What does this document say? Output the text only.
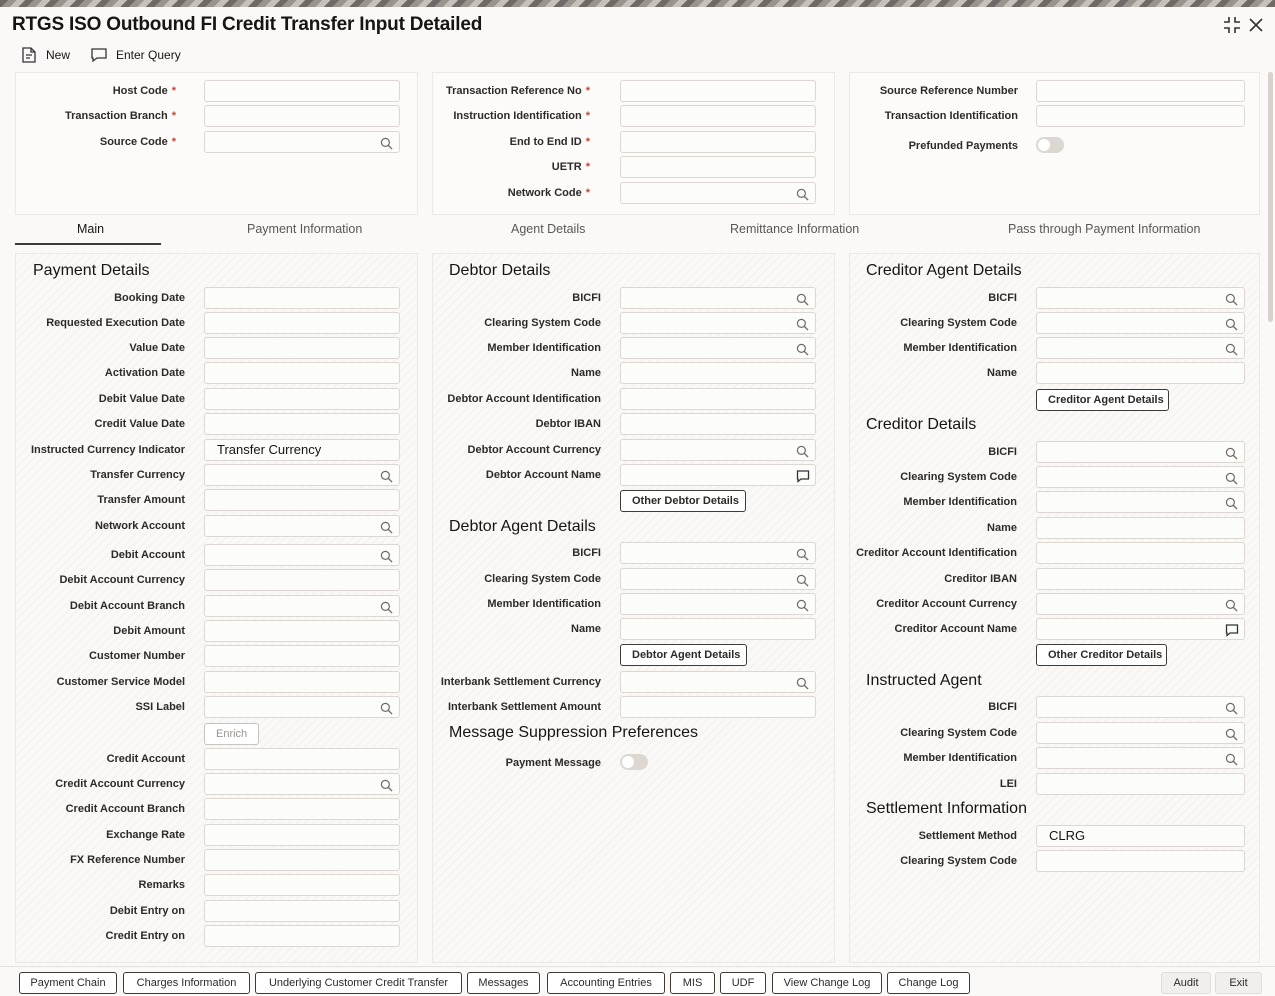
RTGS ISO Outbound FI Credit Transfer Input Detailed
New	Enter Query
Host Code *
Transaction Branch *
Source Code *
Transaction Reference No *
Instruction Identification *
End to End ID *
UETR *
Network Code *
Source Reference Number
Transaction Identification
Prefunded Payments
Main	Payment Information	Agent Details	Remittance Information	Pass through Payment Information
Payment Details
Booking Date
Requested Execution Date
Value Date
Activation Date
Debit Value Date
Credit Value Date
Instructed Currency Indicator	Transfer Currency
Transfer Currency
Transfer Amount
Network Account
Debit Account
Debit Account Currency
Debit Account Branch
Debit Amount
Customer Number
Customer Service Model
SSI Label
Credit Account
Credit Account Currency
Credit Account Branch
Exchange Rate
FX Reference Number
Remarks
Debit Entry on
Credit Entry on
Enrich
Debtor Details
BICFI
Clearing System Code
Member Identification
Name
Debtor Account Identification
Debtor IBAN
Debtor Account Currency
Debtor Account Name
Other Debtor Details
Debtor Agent Details
BICFI
Clearing System Code
Member Identification
Name
Debtor Agent Details
Interbank Settlement Currency
Interbank Settlement Amount
Message Suppression Preferences
Payment Message
Creditor Agent Details
BICFI
Clearing System Code
Member Identification
Name
Creditor Agent Details
Creditor Details
BICFI
Clearing System Code
Member Identification
Name
Creditor Account Identification
Creditor IBAN
Creditor Account Currency
Creditor Account Name
Other Creditor Details
Instructed Agent
BICFI
Clearing System Code
Member Identification
LEI
Settlement Information
Settlement Method	CLRG
Clearing System Code
Payment Chain	Charges Information	Underlying Customer Credit Transfer	Messages	Accounting Entries	MIS	UDF	View Change Log	Change Log	Audit	Exit
